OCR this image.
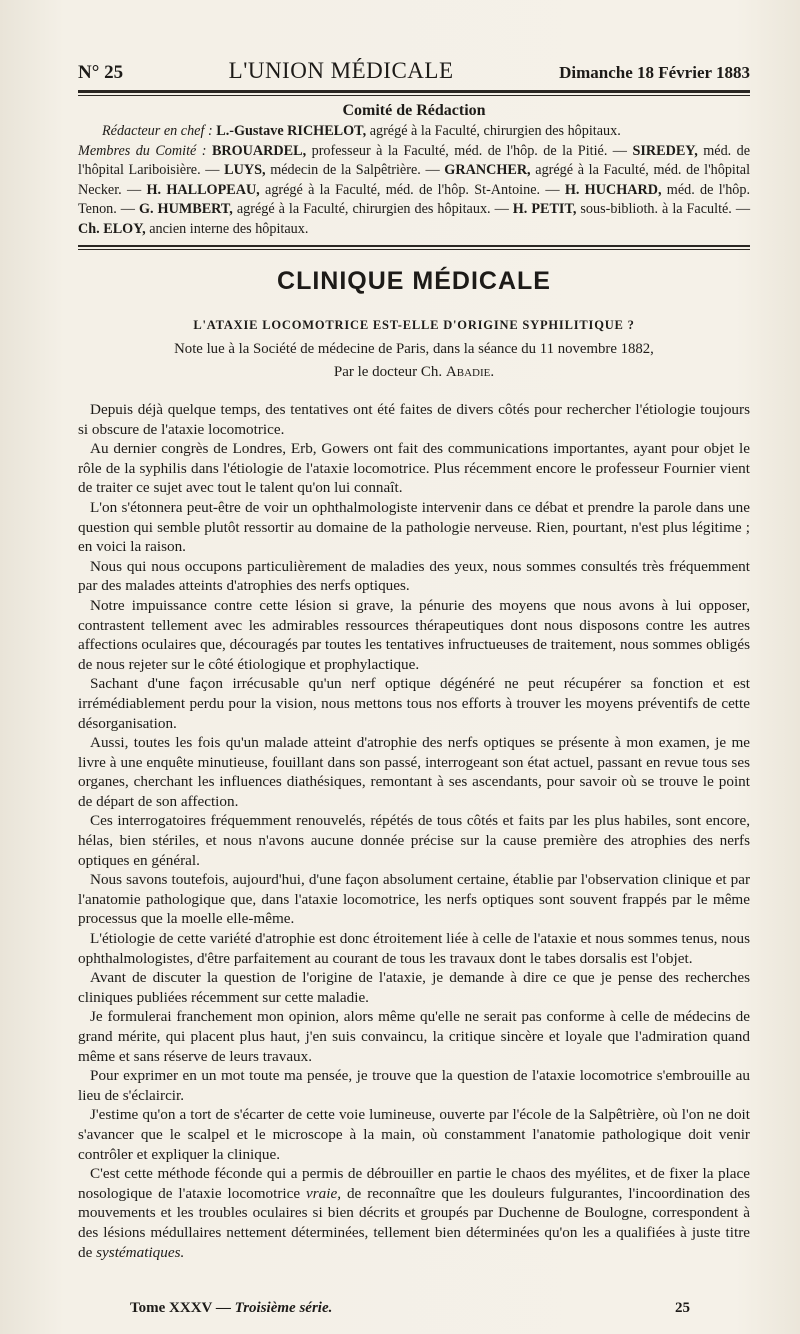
N° 25	L'UNION MÉDICALE	Dimanche 18 Février 1883
Comité de Rédaction
Rédacteur en chef : L.-Gustave RICHELOT, agrégé à la Faculté, chirurgien des hôpitaux.
Membres du Comité : BROUARDEL, professeur à la Faculté, méd. de l'hôp. de la Pitié. — SIREDEY, méd. de l'hôpital Lariboisière. — LUYS, médecin de la Salpêtrière. — GRANCHER, agrégé à la Faculté, méd. de l'hôpital Necker. — H. HALLOPEAU, agrégé à la Faculté, méd. de l'hôp. St-Antoine. — H. HUCHARD, méd. de l'hôp. Tenon. — G. HUMBERT, agrégé à la Faculté, chirurgien des hôpitaux. — H. PETIT, sous-biblioth. à la Faculté. — Ch. ELOY, ancien interne des hôpitaux.
CLINIQUE MÉDICALE
L'ATAXIE LOCOMOTRICE EST-ELLE D'ORIGINE SYPHILITIQUE ?
Note lue à la Société de médecine de Paris, dans la séance du 11 novembre 1882,
Par le docteur Ch. Abadie.

Depuis déjà quelque temps, des tentatives ont été faites de divers côtés pour rechercher l'étiologie toujours si obscure de l'ataxie locomotrice.

Au dernier congrès de Londres, Erb, Gowers ont fait des communications importantes, ayant pour objet le rôle de la syphilis dans l'étiologie de l'ataxie locomotrice. Plus récemment encore le professeur Fournier vient de traiter ce sujet avec tout le talent qu'on lui connaît.

L'on s'étonnera peut-être de voir un ophthalmologiste intervenir dans ce débat et prendre la parole dans une question qui semble plutôt ressortir au domaine de la pathologie nerveuse. Rien, pourtant, n'est plus légitime ; en voici la raison.

Nous qui nous occupons particulièrement de maladies des yeux, nous sommes consultés très fréquemment par des malades atteints d'atrophies des nerfs optiques.

Notre impuissance contre cette lésion si grave, la pénurie des moyens que nous avons à lui opposer, contrastent tellement avec les admirables ressources thérapeutiques dont nous disposons contre les autres affections oculaires que, découragés par toutes les tentatives infructueuses de traitement, nous sommes obligés de nous rejeter sur le côté étiologique et prophylactique.

Sachant d'une façon irrécusable qu'un nerf optique dégénéré ne peut récupérer sa fonction et est irrémédiablement perdu pour la vision, nous mettons tous nos efforts à trouver les moyens préventifs de cette désorganisation.

Aussi, toutes les fois qu'un malade atteint d'atrophie des nerfs optiques se présente à mon examen, je me livre à une enquête minutieuse, fouillant dans son passé, interrogeant son état actuel, passant en revue tous ses organes, cherchant les influences diathésiques, remontant à ses ascendants, pour savoir où se trouve le point de départ de son affection.

Ces interrogatoires fréquemment renouvelés, répétés de tous côtés et faits par les plus habiles, sont encore, hélas, bien stériles, et nous n'avons aucune donnée précise sur la cause première des atrophies des nerfs optiques en général.

Nous savons toutefois, aujourd'hui, d'une façon absolument certaine, établie par l'observation clinique et par l'anatomie pathologique que, dans l'ataxie locomotrice, les nerfs optiques sont souvent frappés par le même processus que la moelle elle-même.

L'étiologie de cette variété d'atrophie est donc étroitement liée à celle de l'ataxie et nous sommes tenus, nous ophthalmologistes, d'être parfaitement au courant de tous les travaux dont le tabes dorsalis est l'objet.

Avant de discuter la question de l'origine de l'ataxie, je demande à dire ce que je pense des recherches cliniques publiées récemment sur cette maladie.

Je formulerai franchement mon opinion, alors même qu'elle ne serait pas conforme à celle de médecins de grand mérite, qui placent plus haut, j'en suis convaincu, la critique sincère et loyale que l'admiration quand même et sans réserve de leurs travaux.

Pour exprimer en un mot toute ma pensée, je trouve que la question de l'ataxie locomotrice s'embrouille au lieu de s'éclaircir.

J'estime qu'on a tort de s'écarter de cette voie lumineuse, ouverte par l'école de la Salpêtrière, où l'on ne doit s'avancer que le scalpel et le microscope à la main, où constamment l'anatomie pathologique doit venir contrôler et expliquer la clinique.

C'est cette méthode féconde qui a permis de débrouiller en partie le chaos des myélites, et de fixer la place nosologique de l'ataxie locomotrice vraie, de reconnaître que les douleurs fulgurantes, l'incoordination des mouvements et les troubles oculaires si bien décrits et groupés par Duchenne de Boulogne, correspondent à des lésions médullaires nettement déterminées, tellement bien déterminées qu'on les a qualifiées à juste titre de systématiques.

Tome XXXV — Troisième série.	25
